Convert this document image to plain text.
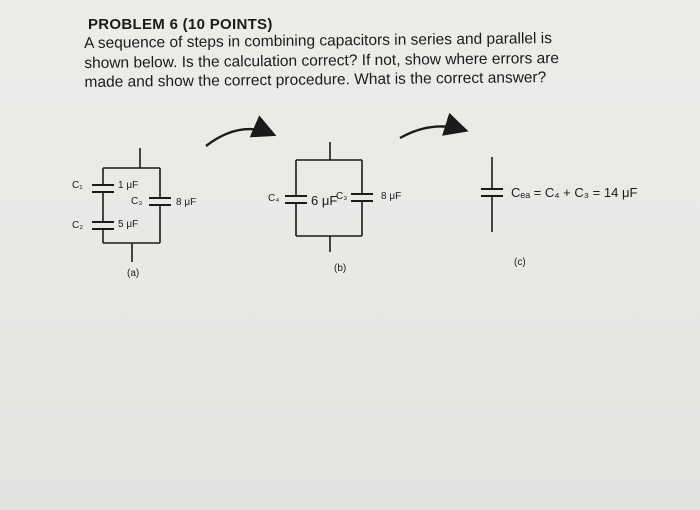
PROBLEM 6 (10 POINTS)
A sequence of steps in combining capacitors in series and parallel is
shown below. Is the calculation correct? If not, show where errors are
made and show the correct procedure. What is the correct answer?
C₁	1 μF
C₃	8 μF
C₂	5 μF
(a)
C₄ 6 μF
C₃	8 μF
(b)
Cₑₐ = C₄ + C₃ = 14 μF
(c)
